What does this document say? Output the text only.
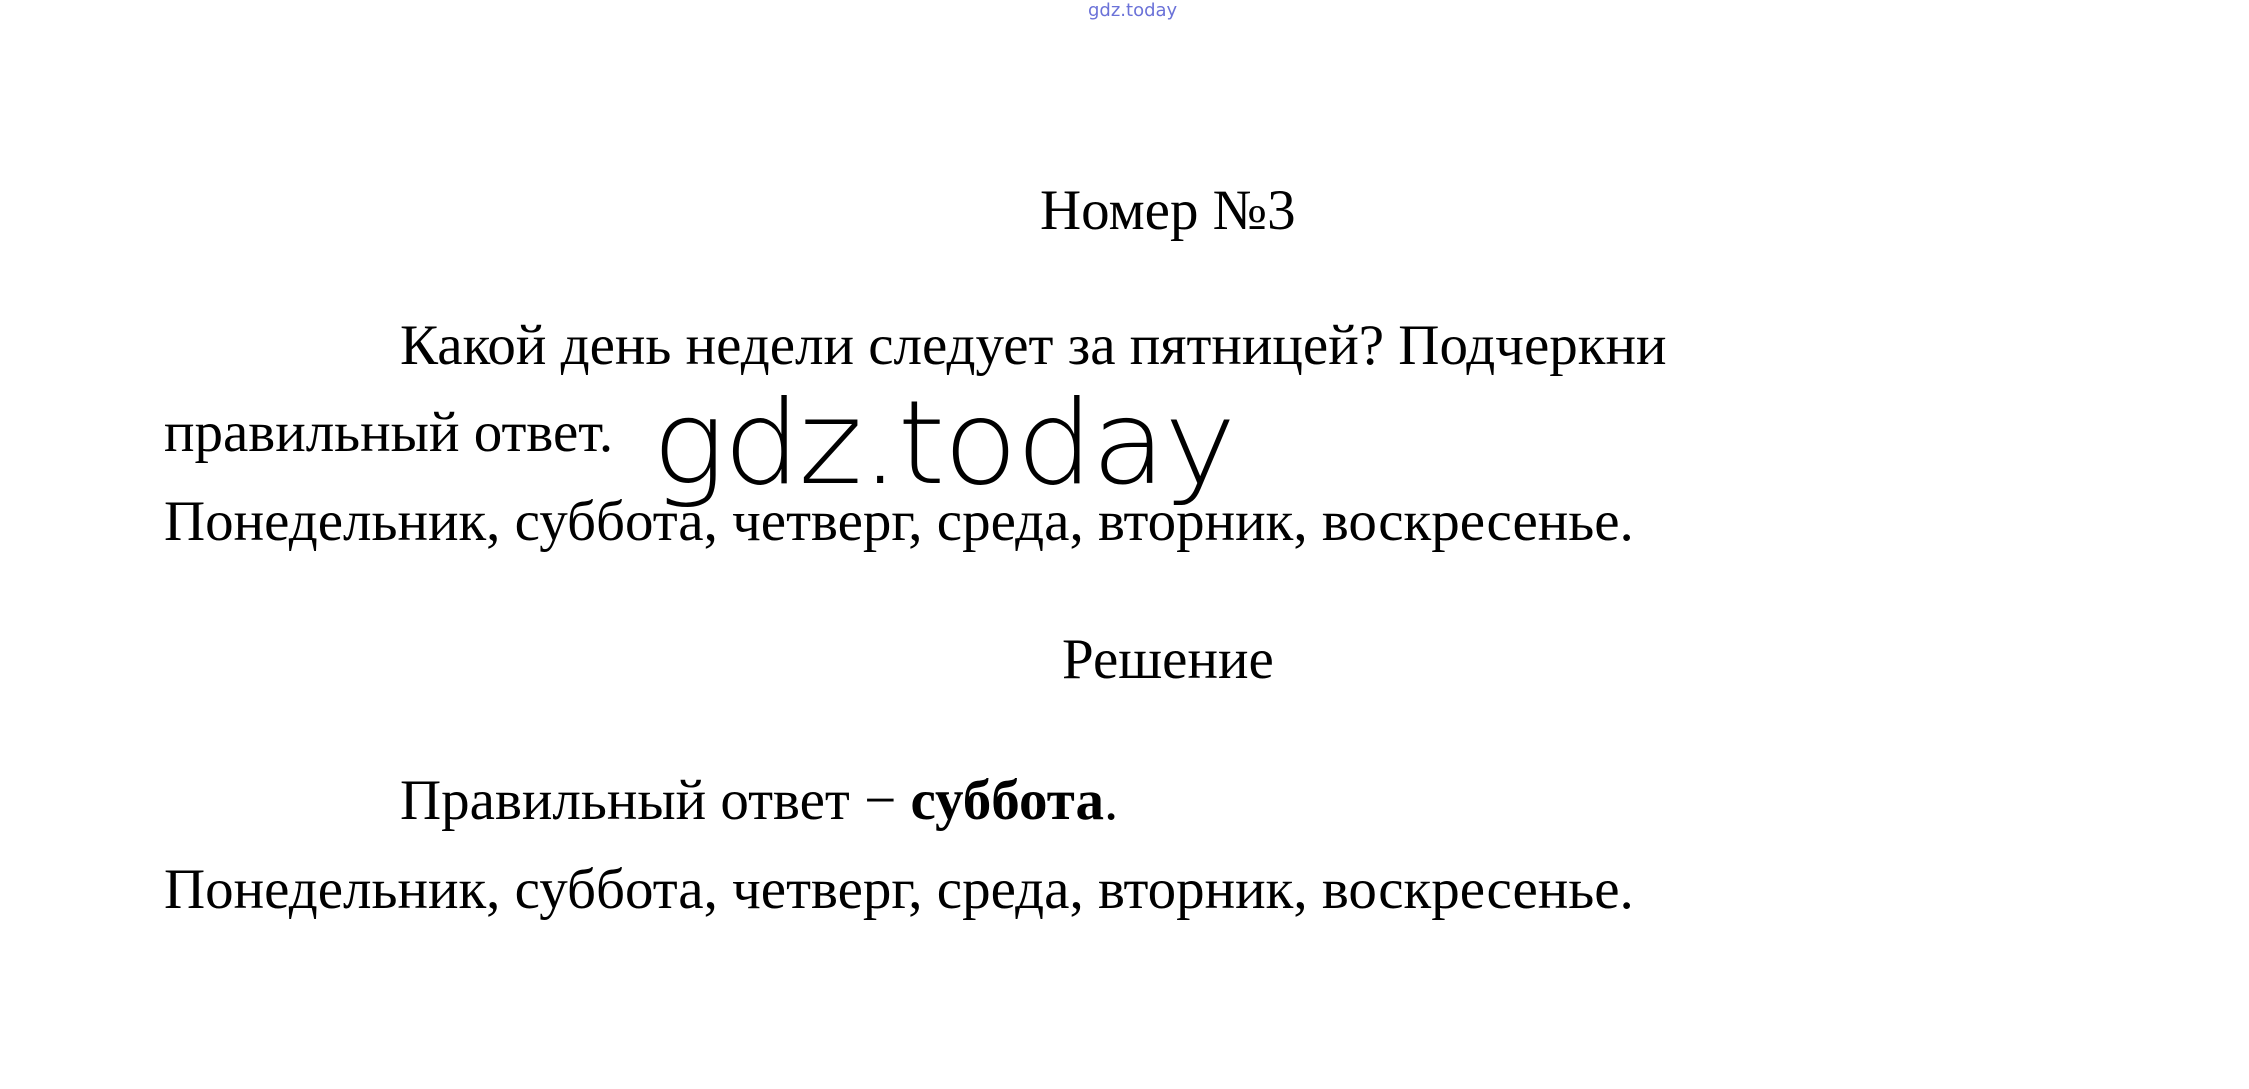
gdz.today
Номер №3
Какой день недели следует за пятницей? Подчеркни
правильный ответ.
Понедельник, суббота, четверг, среда, вторник, воскресенье.
gdz.today
Решение
Правильный ответ − суббота.
Понедельник, суббота, четверг, среда, вторник, воскресенье.
